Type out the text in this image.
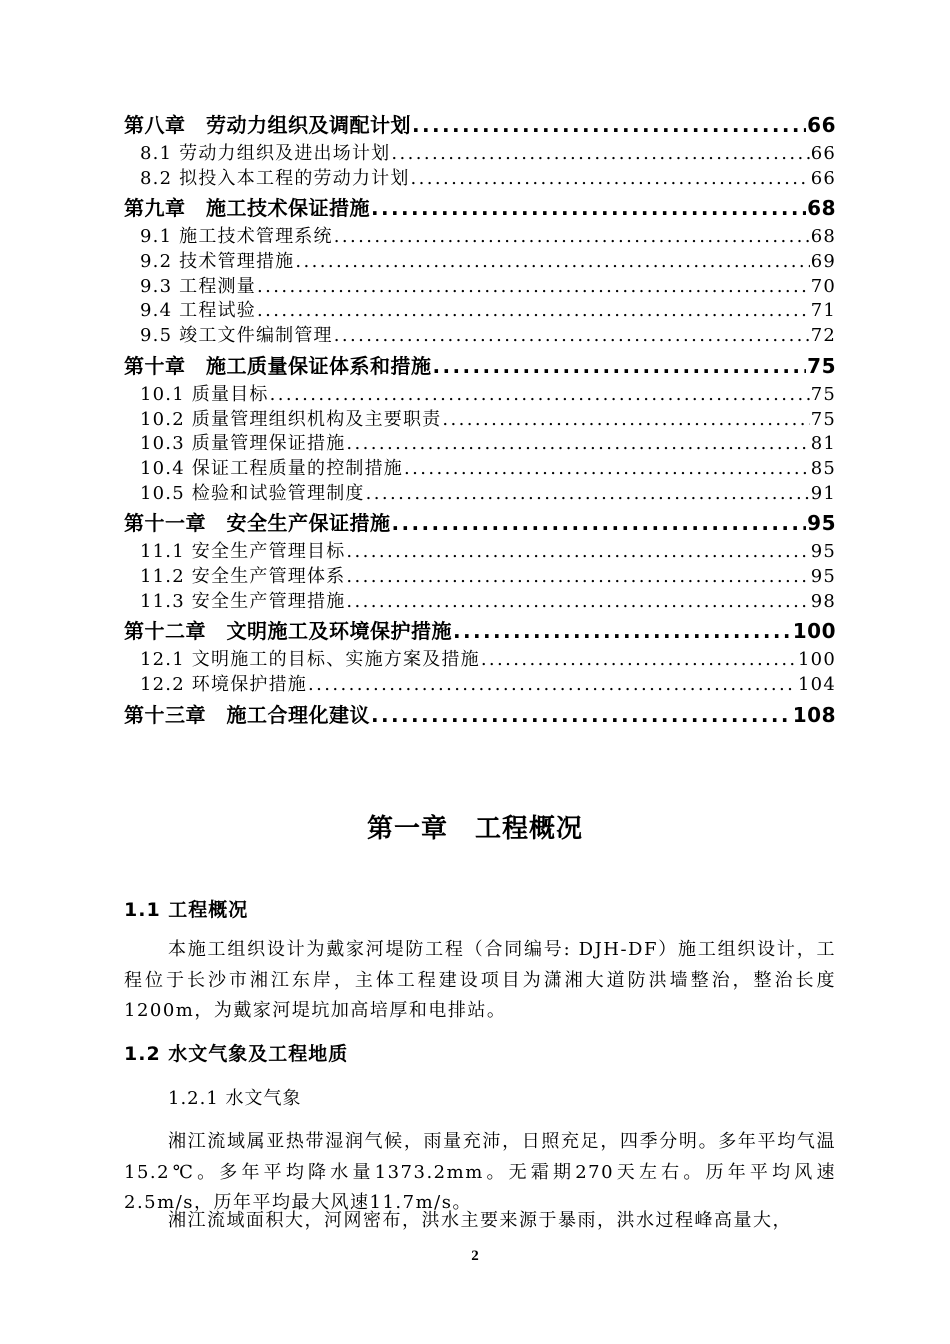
第八章　劳动力组织及调配计划 .....	66
8.1 劳动力组织及进出场计划 .....	66
8.2 拟投入本工程的劳动力计划 .....	66
第九章　施工技术保证措施 .....	68
9.1 施工技术管理系统 .....	68
9.2 技术管理措施 .....	69
9.3 工程测量 .....	70
9.4 工程试验 .....	71
9.5 竣工文件编制管理 .....	72
第十章　施工质量保证体系和措施 .....	75
10.1 质量目标 .....	75
10.2 质量管理组织机构及主要职责 .....	75
10.3 质量管理保证措施 .....	81
10.4 保证工程质量的控制措施 .....	85
10.5 检验和试验管理制度 .....	91
第十一章　安全生产保证措施 .....	95
11.1 安全生产管理目标 .....	95
11.2 安全生产管理体系 .....	95
11.3 安全生产管理措施 .....	98
第十二章　文明施工及环境保护措施 .....	100
12.1 文明施工的目标、实施方案及措施 .....	100
12.2 环境保护措施 .....	104
第十三章　施工合理化建议 .....	108
第一章　工程概况
1.1 工程概况

本施工组织设计为戴家河堤防工程（合同编号: DJH-DF）施工组织设计，工程位于长沙市湘江东岸，主体工程建设项目为潇湘大道防洪墙整治，整治长度1200m，为戴家河堤坑加高培厚和电排站。

1.2 水文气象及工程地质
1.2.1 水文气象

湘江流域属亚热带湿润气候，雨量充沛，日照充足，四季分明。多年平均气温15.2℃。多年平均降水量1373.2mm。无霜期270天左右。历年平均风速2.5m/s，历年平均最大风速11.7m/s。

湘江流域面积大，河网密布，洪水主要来源于暴雨，洪水过程峰高量大，

2
